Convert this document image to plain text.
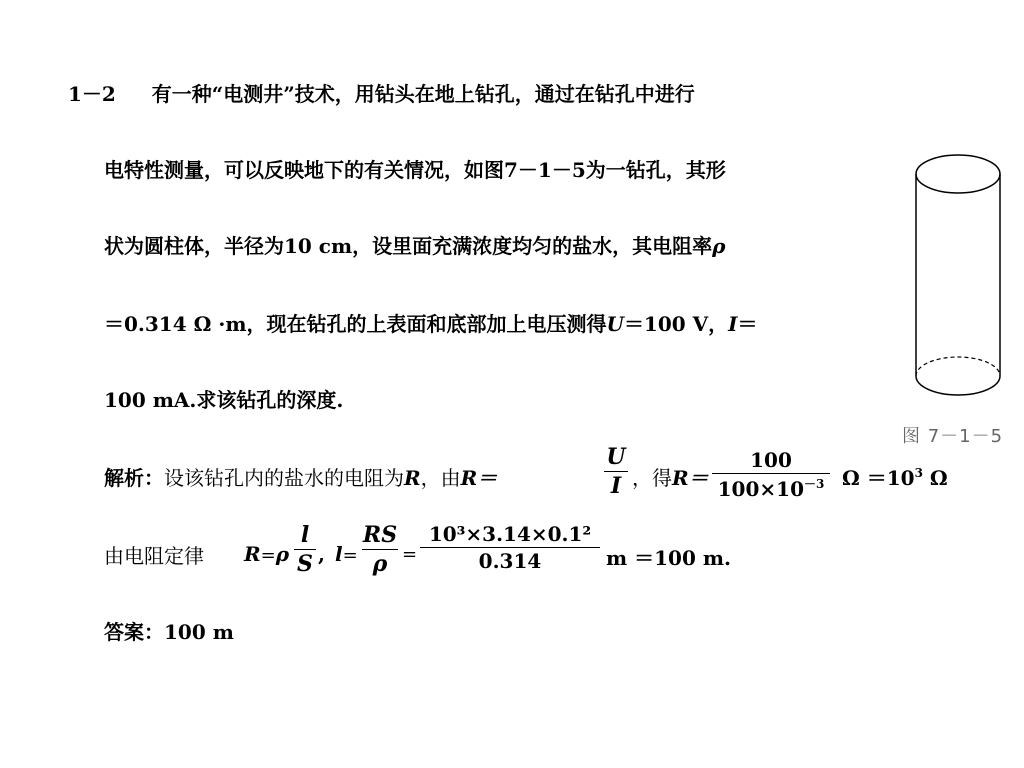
1－2 有一种“电测井”技术，用钻头在地上钻孔，通过在钻孔中进行
电特性测量，可以反映地下的有关情况，如图7－1－5为一钻孔，其形
状为圆柱体，半径为10 cm，设里面充满浓度均匀的盐水，其电阻率ρ
＝0.314 Ω ·m，现在钻孔的上表面和底部加上电压测得U＝100 V，I＝
100 mA.求该钻孔的深度.
图 7－1－5
解析：设该钻孔内的盐水的电阻为R，由R＝
U
I ，得R＝
100
$100\times 10^{-3}$ $\Omega =10^3$ Ω
由电阻定律 R=ρ
l
S , l=
RS
ρ =
10³×3.14×0.1²
0.314	m ＝100 m.
答案：100 m
